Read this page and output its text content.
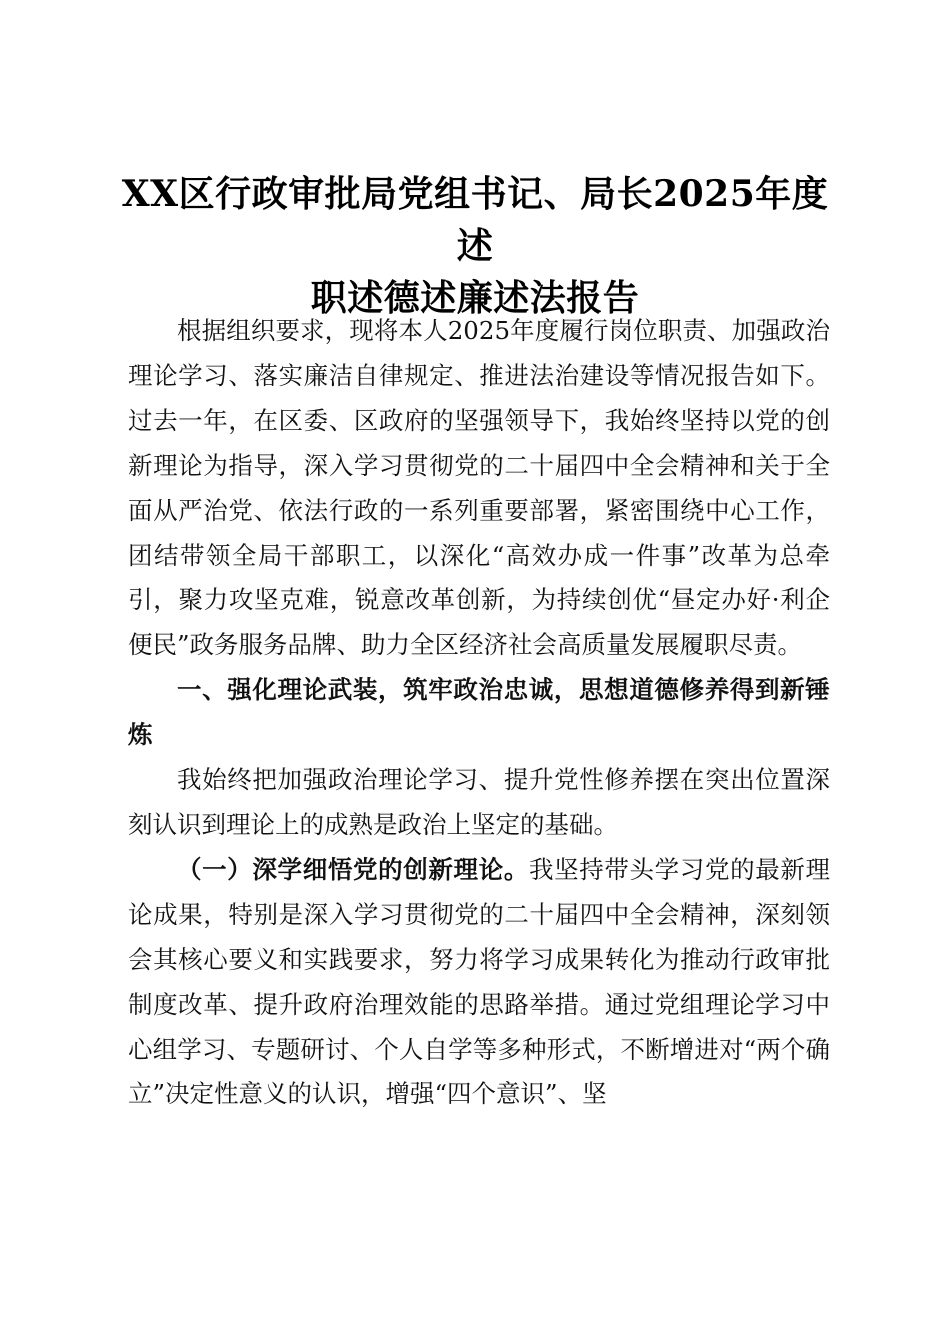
XX区行政审批局党组书记、局长2025年度述
职述德述廉述法报告

根据组织要求，现将本人2025年度履行岗位职责、加强政治理论学习、落实廉洁自律规定、推进法治建设等情况报告如下。过去一年，在区委、区政府的坚强领导下，我始终坚持以党的创新理论为指导，深入学习贯彻党的二十届四中全会精神和关于全面从严治党、依法行政的一系列重要部署，紧密围绕中心工作，团结带领全局干部职工，以深化“高效办成一件事”改革为总牵引，聚力攻坚克难，锐意改革创新，为持续创优“昼定办好·利企便民”政务服务品牌、助力全区经济社会高质量发展履职尽责。

一、强化理论武装，筑牢政治忠诚，思想道德修养得到新锤炼

我始终把加强政治理论学习、提升党性修养摆在突出位置深刻认识到理论上的成熟是政治上坚定的基础。

（一）深学细悟党的创新理论。我坚持带头学习党的最新理论成果，特别是深入学习贯彻党的二十届四中全会精神，深刻领会其核心要义和实践要求，努力将学习成果转化为推动行政审批制度改革、提升政府治理效能的思路举措。通过党组理论学习中心组学习、专题研讨、个人自学等多种形式，不断增进对“两个确立”决定性意义的认识，增强“四个意识”、坚
